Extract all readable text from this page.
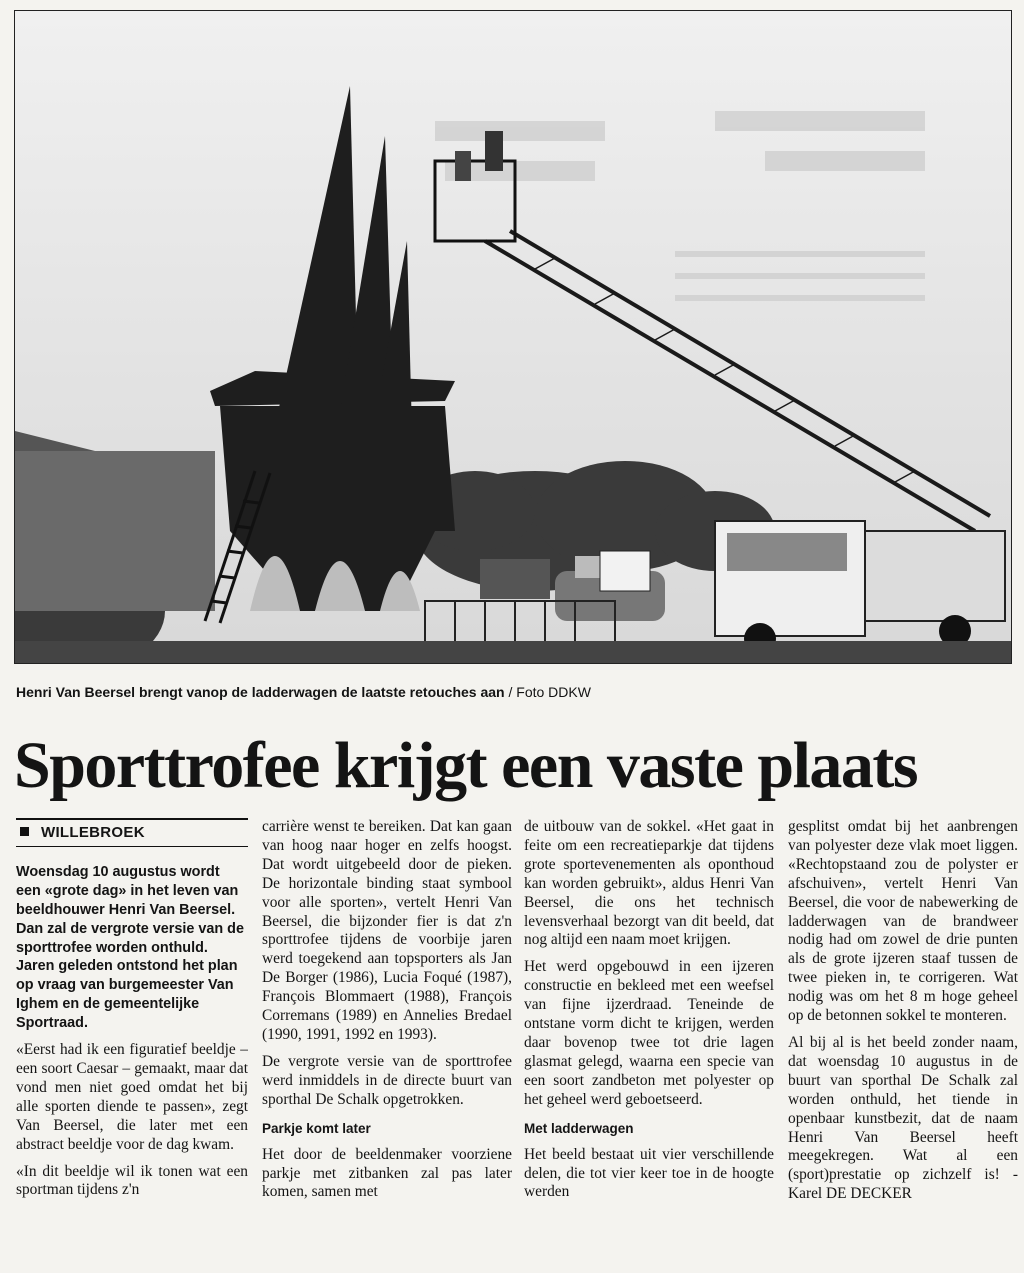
Henri Van Beersel brengt vanop de ladderwagen de laatste retouches aan / Foto DDKW
Sporttrofee krijgt een vaste plaats
WILLEBROEK

Woensdag 10 augustus wordt een «grote dag» in het leven van beeldhouwer Henri Van Beersel. Dan zal de vergrote versie van de sporttrofee worden onthuld. Jaren geleden ontstond het plan op vraag van burgemeester Van Ighem en de gemeentelijke Sportraad.

«Eerst had ik een figuratief beeldje – een soort Caesar – gemaakt, maar dat vond men niet goed omdat het bij alle sporten diende te passen», zegt Van Beersel, die later met een abstract beeldje voor de dag kwam.

«In dit beeldje wil ik tonen wat een sportman tijdens z'n

carrière wenst te bereiken. Dat kan gaan van hoog naar hoger en zelfs hoogst. Dat wordt uitgebeeld door de pieken. De horizontale binding staat symbool voor alle sporten», vertelt Henri Van Beersel, die bijzonder fier is dat z'n sporttrofee tijdens de voorbije jaren werd toegekend aan topsporters als Jan De Borger (1986), Lucia Foqué (1987), François Blommaert (1988), François Corremans (1989) en Annelies Bredael (1990, 1991, 1992 en 1993).

De vergrote versie van de sporttrofee werd inmiddels in de directe buurt van sporthal De Schalk opgetrokken.

Parkje komt later

Het door de beeldenmaker voorziene parkje met zitbanken zal pas later komen, samen met

de uitbouw van de sokkel. «Het gaat in feite om een recreatieparkje dat tijdens grote sportevenementen als oponthoud kan worden gebruikt», aldus Henri Van Beersel, die ons het technisch levensverhaal bezorgt van dit beeld, dat nog altijd een naam moet krijgen.

Het werd opgebouwd in een ijzeren constructie en bekleed met een weefsel van fijne ijzerdraad. Teneinde de ontstane vorm dicht te krijgen, werden daar bovenop twee tot drie lagen glasmat gelegd, waarna een specie van een soort zandbeton met polyester op het geheel werd geboetseerd.

Met ladderwagen

Het beeld bestaat uit vier verschillende delen, die tot vier keer toe in de hoogte werden

gesplitst omdat bij het aanbrengen van polyester deze vlak moet liggen. «Rechtopstaand zou de polyster er afschuiven», vertelt Henri Van Beersel, die voor de nabewerking de ladderwagen van de brandweer nodig had om zowel de drie punten als de grote ijzeren staaf tussen de twee pieken in, te corrigeren. Wat nodig was om het 8 m hoge geheel op de betonnen sokkel te monteren.

Al bij al is het beeld zonder naam, dat woensdag 10 augustus in de buurt van sporthal De Schalk zal worden onthuld, het tiende in openbaar kunstbezit, dat de naam Henri Van Beersel heeft meegekregen. Wat al een (sport)prestatie op zichzelf is! - Karel DE DECKER
